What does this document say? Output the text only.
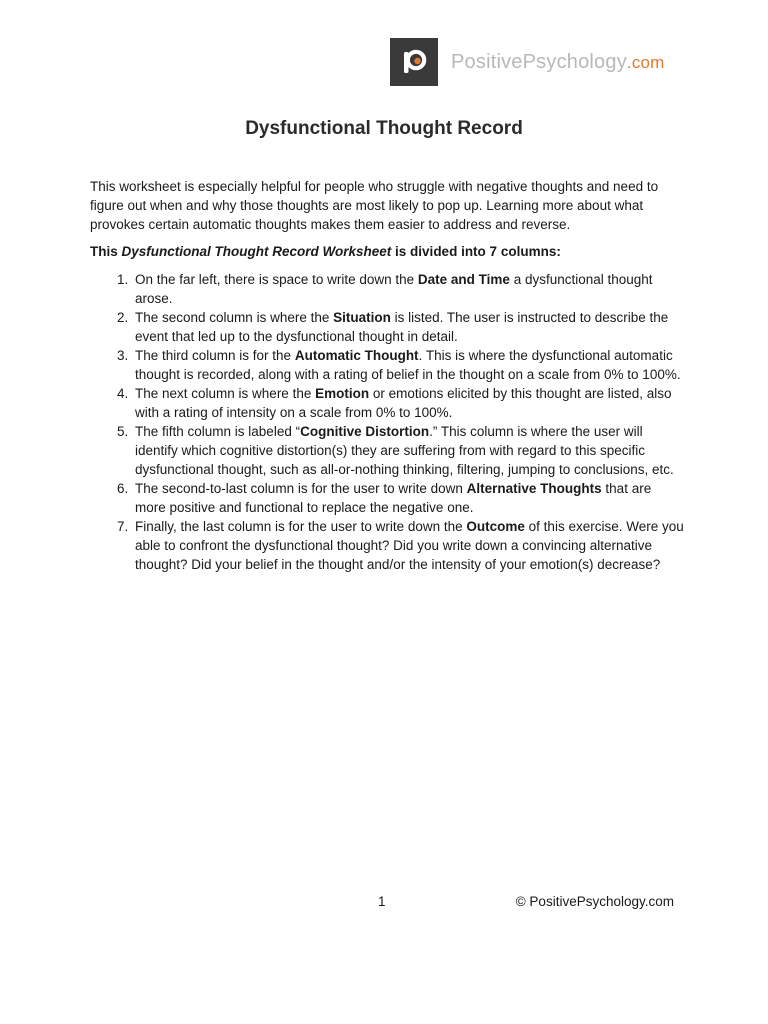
PositivePsychology.com
Dysfunctional Thought Record

This worksheet is especially helpful for people who struggle with negative thoughts and need to figure out when and why those thoughts are most likely to pop up. Learning more about what provokes certain automatic thoughts makes them easier to address and reverse.

This Dysfunctional Thought Record Worksheet is divided into 7 columns:

1. On the far left, there is space to write down the Date and Time a dysfunctional thought arose.
2. The second column is where the Situation is listed. The user is instructed to describe the event that led up to the dysfunctional thought in detail.
3. The third column is for the Automatic Thought. This is where the dysfunctional automatic thought is recorded, along with a rating of belief in the thought on a scale from 0% to 100%.
4. The next column is where the Emotion or emotions elicited by this thought are listed, also with a rating of intensity on a scale from 0% to 100%.
5. The fifth column is labeled “Cognitive Distortion.” This column is where the user will identify which cognitive distortion(s) they are suffering from with regard to this specific dysfunctional thought, such as all-or-nothing thinking, filtering, jumping to conclusions, etc.
6. The second-to-last column is for the user to write down Alternative Thoughts that are more positive and functional to replace the negative one.
7. Finally, the last column is for the user to write down the Outcome of this exercise. Were you able to confront the dysfunctional thought? Did you write down a convincing alternative thought? Did your belief in the thought and/or the intensity of your emotion(s) decrease?
1	© PositivePsychology.com
